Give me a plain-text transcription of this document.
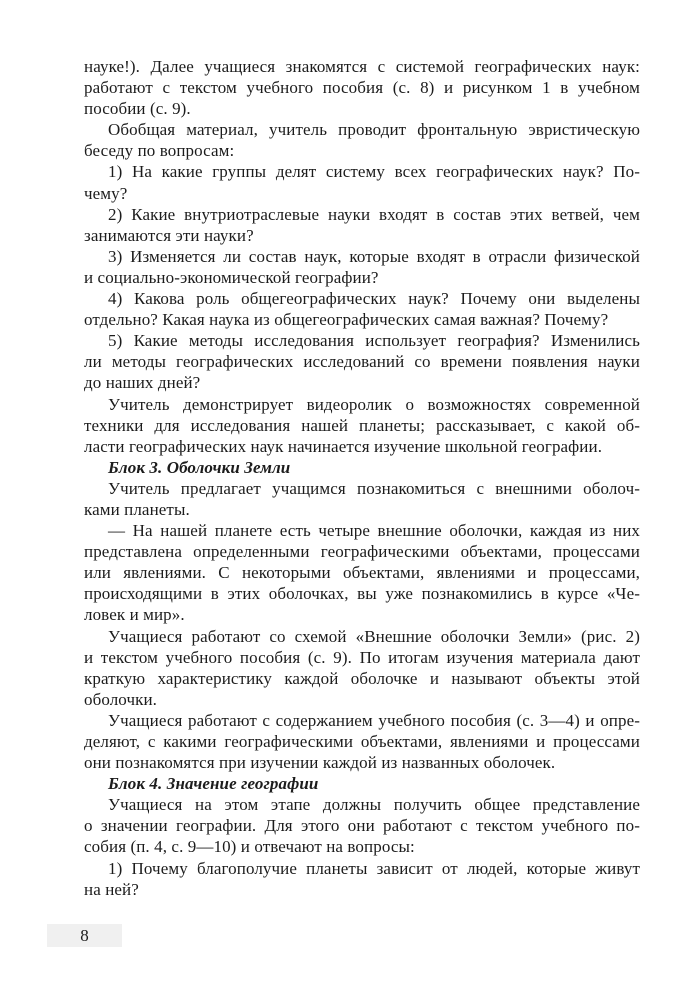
науке!). Далее учащиеся знакомятся с системой географических наук:
работают с текстом учебного пособия (с. 8) и рисунком 1 в учебном
пособии (с. 9).
Обобщая материал, учитель проводит фронтальную эвристическую
беседу по вопросам:
1) На какие группы делят систему всех географических наук? По-
чему?
2) Какие внутриотраслевые науки входят в состав этих ветвей, чем
занимаются эти науки?
3) Изменяется ли состав наук, которые входят в отрасли физической
и социально-экономической географии?
4) Какова роль общегеографических наук? Почему они выделены
отдельно? Какая наука из общегеографических самая важная? Почему?
5) Какие методы исследования использует география? Изменились
ли методы географических исследований со времени появления науки
до наших дней?
Учитель демонстрирует видеоролик о возможностях современной
техники для исследования нашей планеты; рассказывает, с какой об-
ласти географических наук начинается изучение школьной географии.
Блок 3. Оболочки Земли
Учитель предлагает учащимся познакомиться с внешними оболоч-
ками планеты.
— На нашей планете есть четыре внешние оболочки, каждая из них
представлена определенными географическими объектами, процессами
или явлениями. С некоторыми объектами, явлениями и процессами,
происходящими в этих оболочках, вы уже познакомились в курсе «Че-
ловек и мир».
Учащиеся работают со схемой «Внешние оболочки Земли» (рис. 2)
и текстом учебного пособия (с. 9). По итогам изучения материала дают
краткую характеристику каждой оболочке и называют объекты этой
оболочки.
Учащиеся работают с содержанием учебного пособия (с. 3—4) и опре-
деляют, с какими географическими объектами, явлениями и процессами
они познакомятся при изучении каждой из названных оболочек.
Блок 4. Значение географии
Учащиеся на этом этапе должны получить общее представление
о значении географии. Для этого они работают с текстом учебного по-
собия (п. 4, с. 9—10) и отвечают на вопросы:
1) Почему благополучие планеты зависит от людей, которые живут
на ней?
8
